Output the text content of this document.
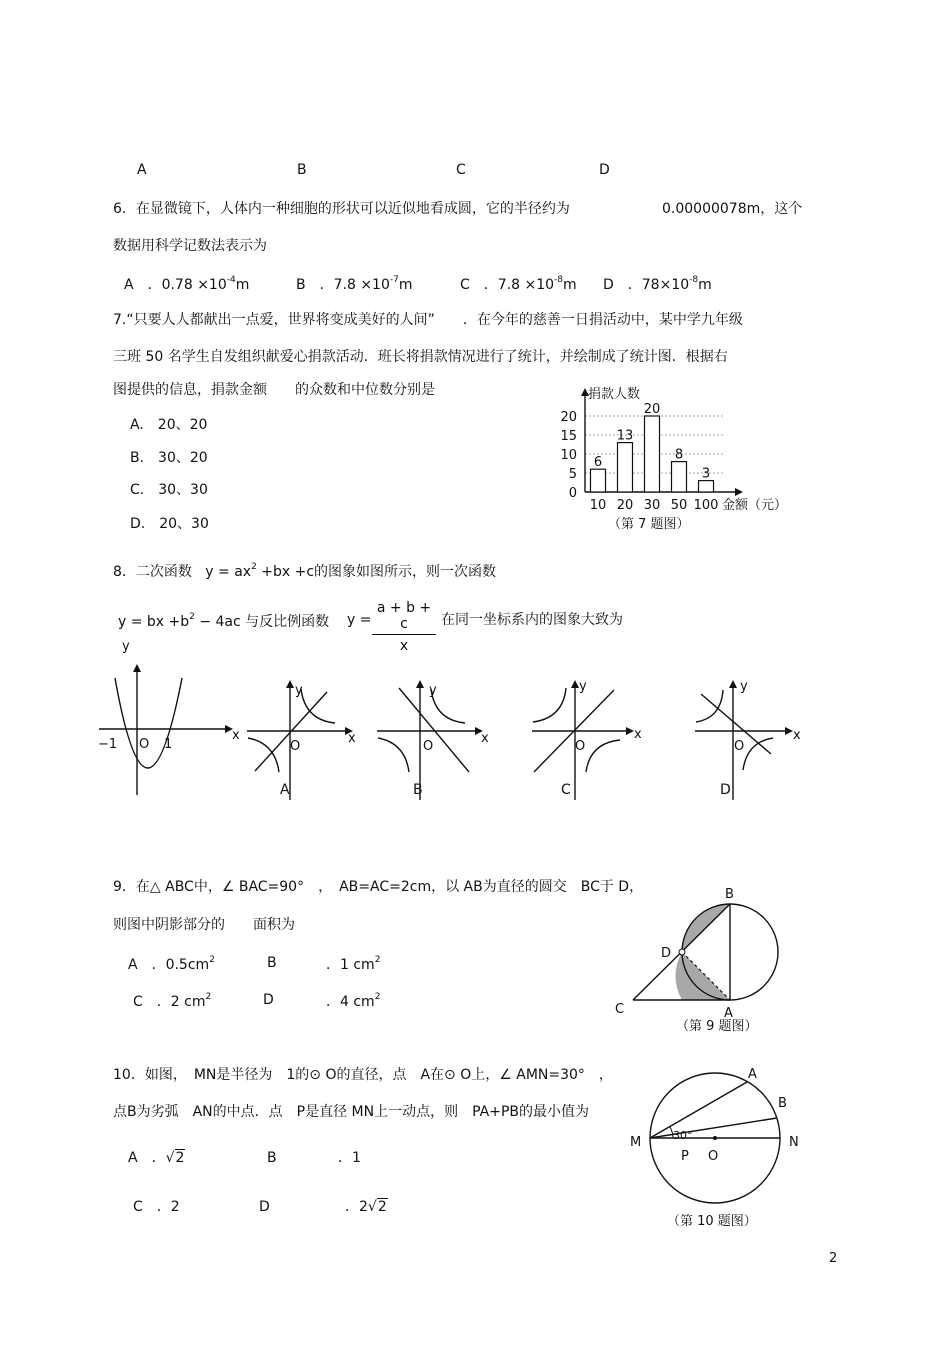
A	B	C	D
6．在显微镜下，人体内一种细胞的形状可以近似地看成圆，它的半径约为	0.00000078m，这个
数据用科学记数法表示为
A　．$0.78 \times 10^{-4}m$	B　．$7.8 \times 10^{-7}m$	C　．$7.8 \times 10^{-8}m$ D　．$78\times 10^{-8}m$
7.“只要人人都献出一点爱，世界将变成美好的人间”　　．在今年的慈善一日捐活动中，某中学九年级
三班 50 名学生自发组织献爱心捐款活动．班长将捐款情况进行了统计，并绘制成了统计图．根据右
图提供的信息，捐款金额　　的众数和中位数分别是
A.　20、20
B.　30、20
C.　30、30
D.　20、30
0
5
10
15
20
6
10
13
20
20
30
8
50
3
100 金额（元）
捐款人数
（第 7 题图）
8．二次函数 $y = ax^2 +bx +c$的图象如图所示，则一次函数
y = bx $+b^2 - 4ac$ 与反比例函数 $y = \frac{a + b + c}{x}$ 在同一坐标系内的图象大致为
y
x
−1 O 1
y
x
O
A
y
x
O
B
y
x
O
C
y
x
O
D
9．在△ ABC中，∠ BAC=90°　，　AB=AC=2cm，以 AB为直径的圆交　BC于 D，
则图中阴影部分的　　面积为
A　．$0.5cm^2$	B	．1 $cm^2$
C　．2 $cm^2$	D	．4 $cm^2$
B
D
C	A
（第 9 题图）
10．如图，　MN是半径为　1的⊙ O的直径，点　A在⊙ O上，∠ AMN=30°　，
点B为劣弧　AN的中点．点　P是直径 MN上一动点，则　PA+PB的最小值为
A　．√2	B	．1
C　．2	D	．2√2
A
B
M	N
P O
30°
（第 10 题图）
2
